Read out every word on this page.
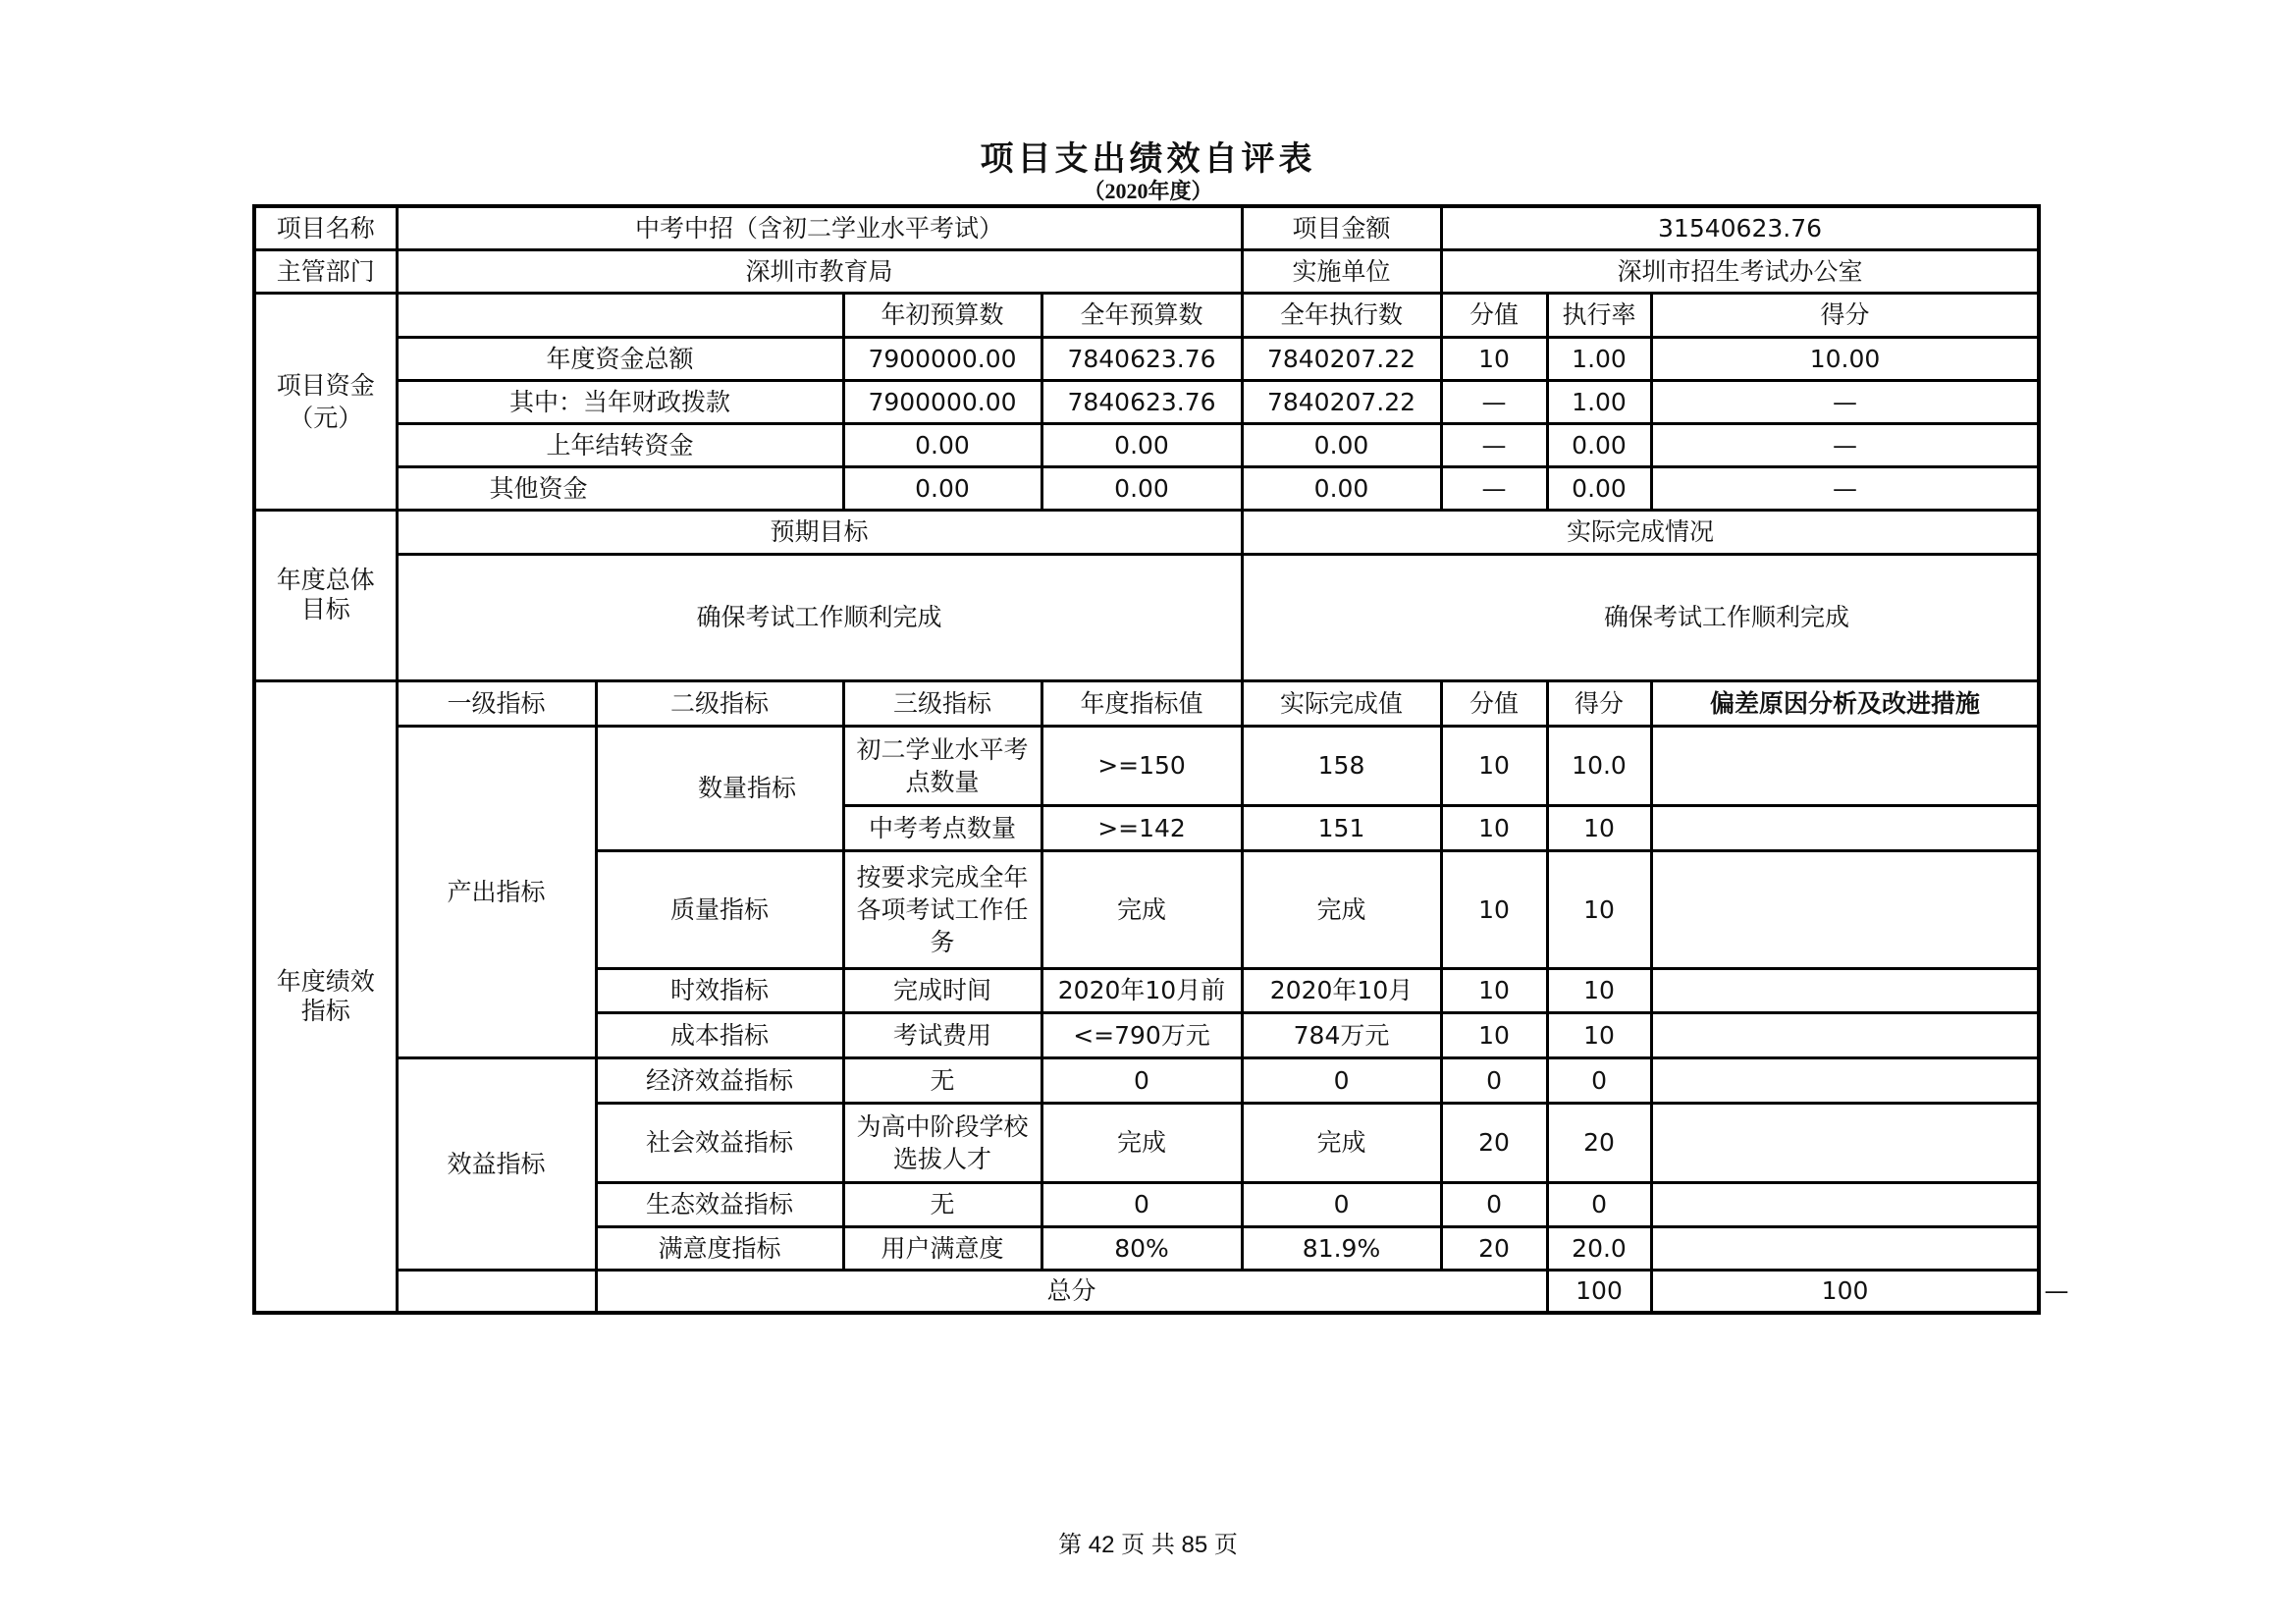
项目支出绩效自评表
（2020年度）
项目名称	中考中招（含初二学业水平考试）				项目金额	31540623.76			
主管部门	深圳市教育局				实施单位	深圳市招生考试办公室			

项目资金
（元）			年初预算数	全年预算数	全年执行数	分值	执行率	得分	
	年度资金总额		7900000.00	7840623.76	7840207.22	10	1.00	10.00	
	其中：当年财政拨款		7900000.00	7840623.76	7840207.22	—	1.00	—	
	上年结转资金		0.00	0.00	0.00	—	0.00	—	
	其他资金		0.00	0.00	0.00	—	0.00	—	
年度总体目标	预期目标				实际完成情况				
	确保考试工作顺利完成				确保考试工作顺利完成				
年度绩效指标	一级指标	二级指标	三级指标	年度指标值	实际完成值	分值	得分	偏差原因分析及改进措施	
	产出指标	数量指标	初二学业水平考点数量	>=150	158	10	10.0		
			中考考点数量	>=142	151	10	10		
		质量指标	按要求完成全年各项考试工作任务	完成	完成	10	10		
		时效指标	完成时间	2020年10月前	2020年10月	10	10		
		成本指标	考试费用	<=790万元	784万元	10	10		
	效益指标	经济效益指标	无	0	0	0	0		
		社会效益指标	为高中阶段学校选拔人才	完成	完成	20	20		
		生态效益指标	无	0	0	0	0		
		满意度指标	用户满意度	80%	81.9%	20	20.0		
		总分					100	100	—
第 42 页 共 85 页
